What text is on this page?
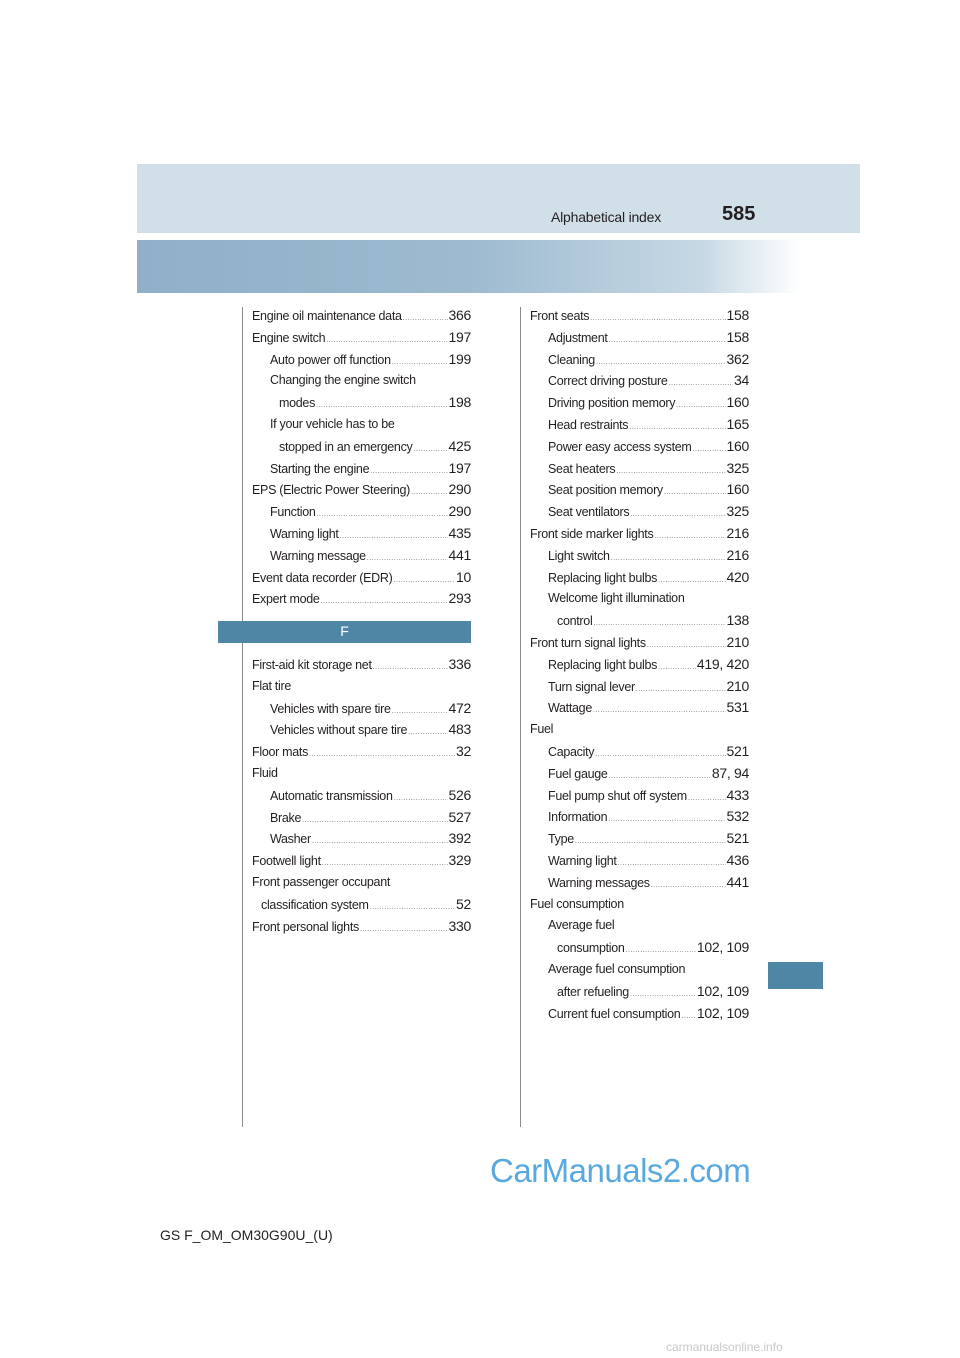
Alphabetical index	585
Engine oil maintenance data .....	366
Engine switch .....	197
Auto power off function .....	199
Changing the engine switch
modes .....	198
If your vehicle has to be
stopped in an emergency .....	425
Starting the engine .....	197
EPS (Electric Power Steering) .....	290
Function .....	290
Warning light .....	435
Warning message .....	441
Event data recorder (EDR) .....	10
Expert mode .....	293
F
First-aid kit storage net .....	336
Flat tire
Vehicles with spare tire .....	472
Vehicles without spare tire .....	483
Floor mats .....	32
Fluid
Automatic transmission .....	526
Brake .....	527
Washer .....	392
Footwell light .....	329
Front passenger occupant
classification system .....	52
Front personal lights .....	330
Front seats .....	158
Adjustment .....	158
Cleaning .....	362
Correct driving posture .....	34
Driving position memory .....	160
Head restraints .....	165
Power easy access system ..... 160
Seat heaters .....	325
Seat position memory .....	160
Seat ventilators .....	325
Front side marker lights .....	216
Light switch .....	216
Replacing light bulbs .....	420
Welcome light illumination
control .....	138
Front turn signal lights .....	210
Replacing light bulbs .....	419, 420
Turn signal lever .....	210
Wattage .....	531
Fuel
Capacity .....	521
Fuel gauge .....	87, 94
Fuel pump shut off system .....	433
Information .....	532
Type .....	521
Warning light .....	436
Warning messages .....	441
Fuel consumption
Average fuel
consumption .....	102, 109
Average fuel consumption
after refueling .....	102, 109
Current fuel consumption ..... 102, 109
GS F_OM_OM30G90U_(U)
CarManuals2.com
carmanualsonline.info
